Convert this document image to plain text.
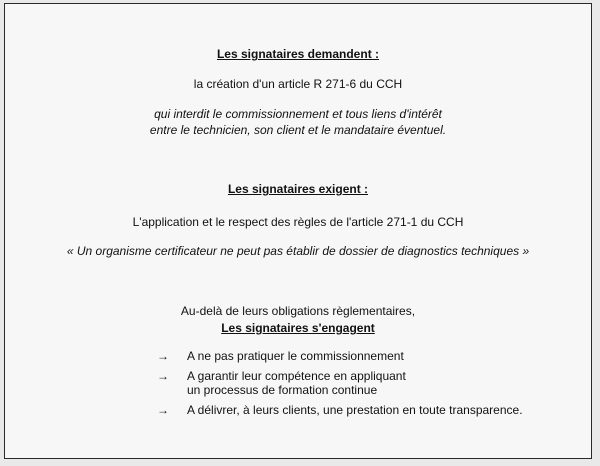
Les signataires demandent :
la création d'un article R 271-6 du CCH
qui interdit le commissionnement et tous liens d'intérêt
entre le technicien, son client et le mandataire éventuel.
Les signataires exigent :
L'application et le respect des règles de l'article 271-1 du CCH
« Un organisme certificateur ne peut pas établir de dossier de diagnostics techniques »
Au-delà de leurs obligations règlementaires,
Les signataires s'engagent
→	A ne pas pratiquer le commissionnement
→	A garantir leur compétence en appliquant
un processus de formation continue
→	A délivrer, à leurs clients, une prestation en toute transparence.
